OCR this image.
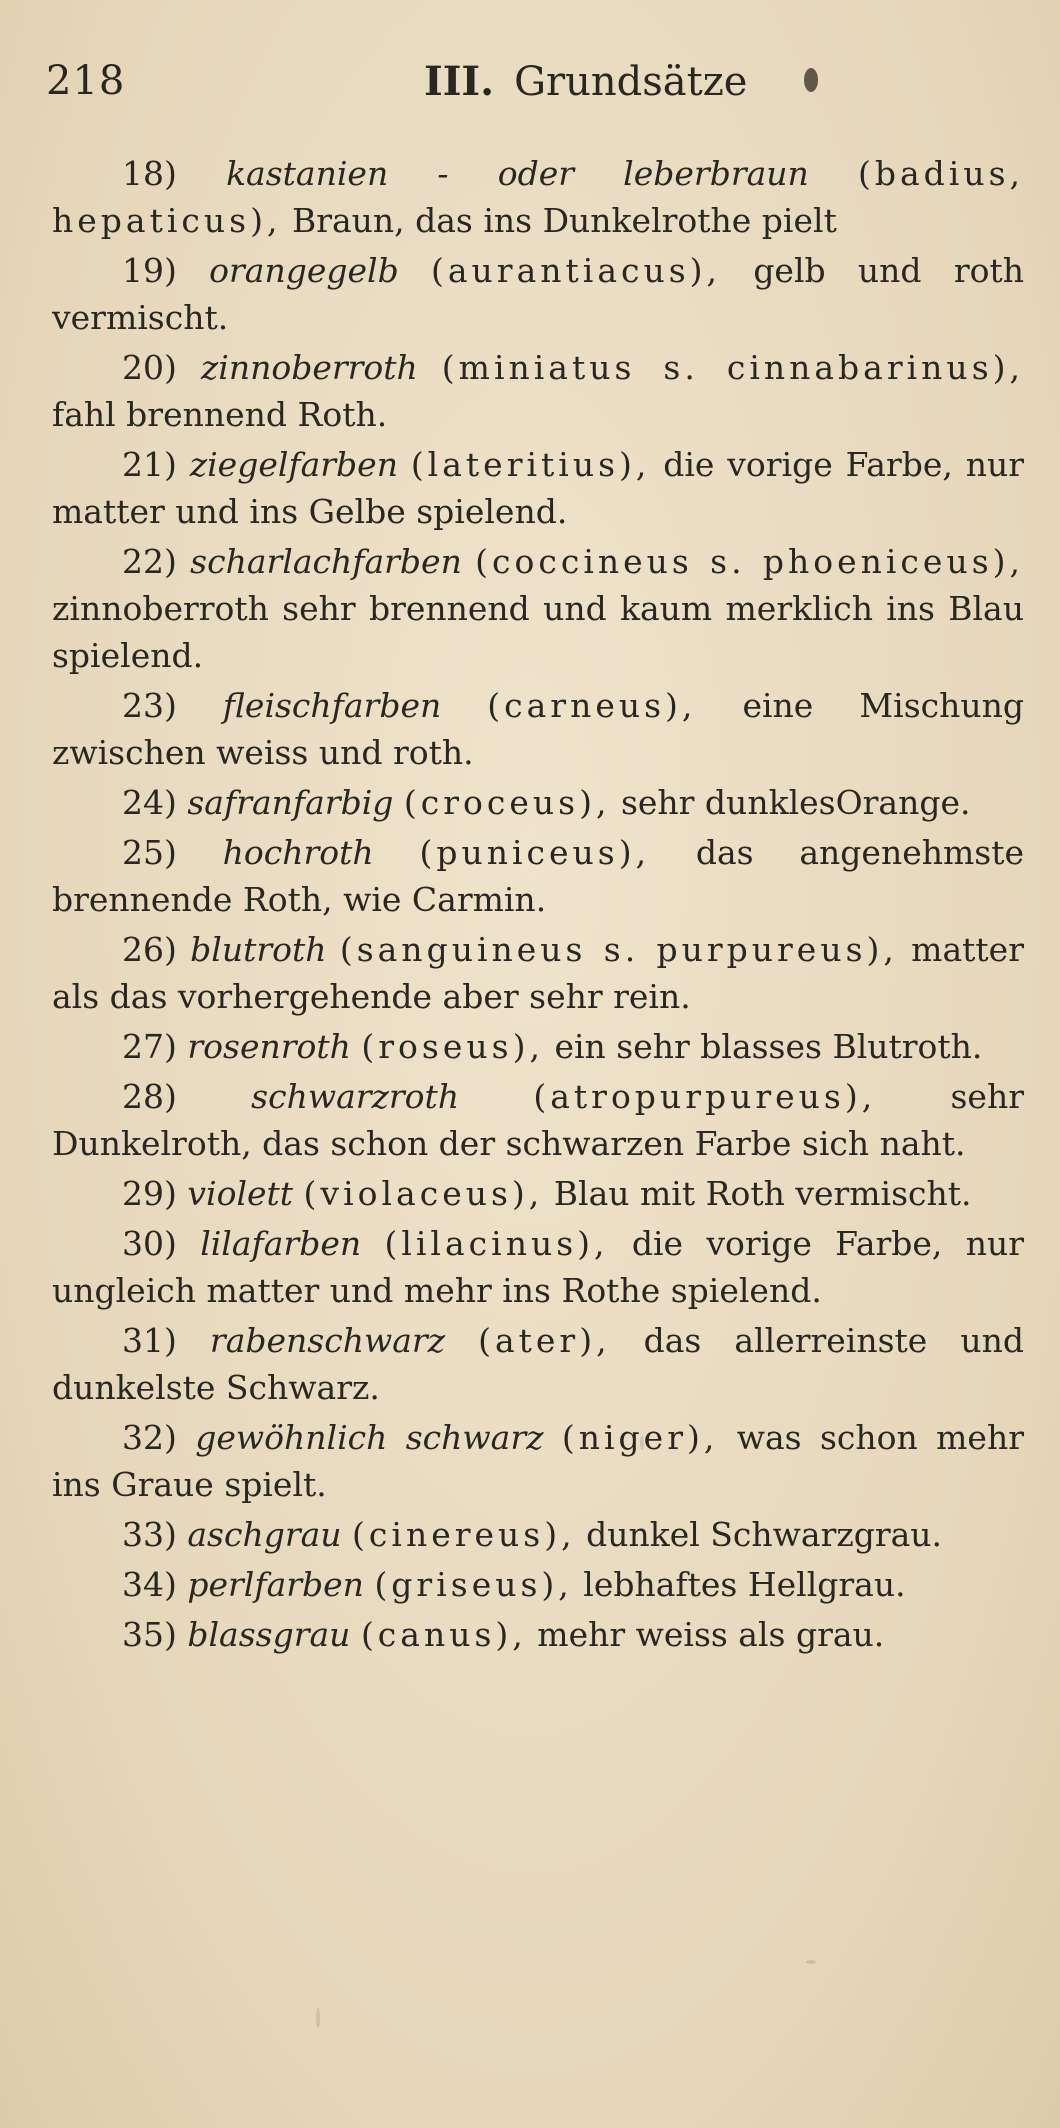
218	III. Grundsätze

18) kastanien - oder leberbraun (badius, hepaticus), Braun, das ins Dunkelrothe pielt

19) orangegelb (aurantiacus), gelb und roth vermischt.

20) zinnoberroth (miniatus s. cinnabarinus), fahl brennend Roth.

21) ziegelfarben (lateritius), die vorige Farbe, nur matter und ins Gelbe spielend.

22) scharlachfarben (coccineus s. phoeniceus), zinnoberroth sehr brennend und kaum merklich ins Blau spielend.

23) fleischfarben (carneus), eine Mischung zwischen weiss und roth.

24) safranfarbig (croceus), sehr dunklesOrange.

25) hochroth (puniceus), das angenehmste brennende Roth, wie Carmin.

26) blutroth (sanguineus s. purpureus), matter als das vorhergehende aber sehr rein.

27) rosenroth (roseus), ein sehr blasses Blutroth.

28) schwarzroth (atropurpureus), sehr Dunkelroth, das schon der schwarzen Farbe sich naht.

29) violett (violaceus), Blau mit Roth vermischt.

30) lilafarben (lilacinus), die vorige Farbe, nur ungleich matter und mehr ins Rothe spielend.

31) rabenschwarz (ater), das allerreinste und dunkelste Schwarz.

32) gewöhnlich schwarz (niger), was schon mehr ins Graue spielt.

33) aschgrau (cinereus), dunkel Schwarzgrau.

34) perlfarben (griseus), lebhaftes Hellgrau.

35) blassgrau (canus), mehr weiss als grau.
